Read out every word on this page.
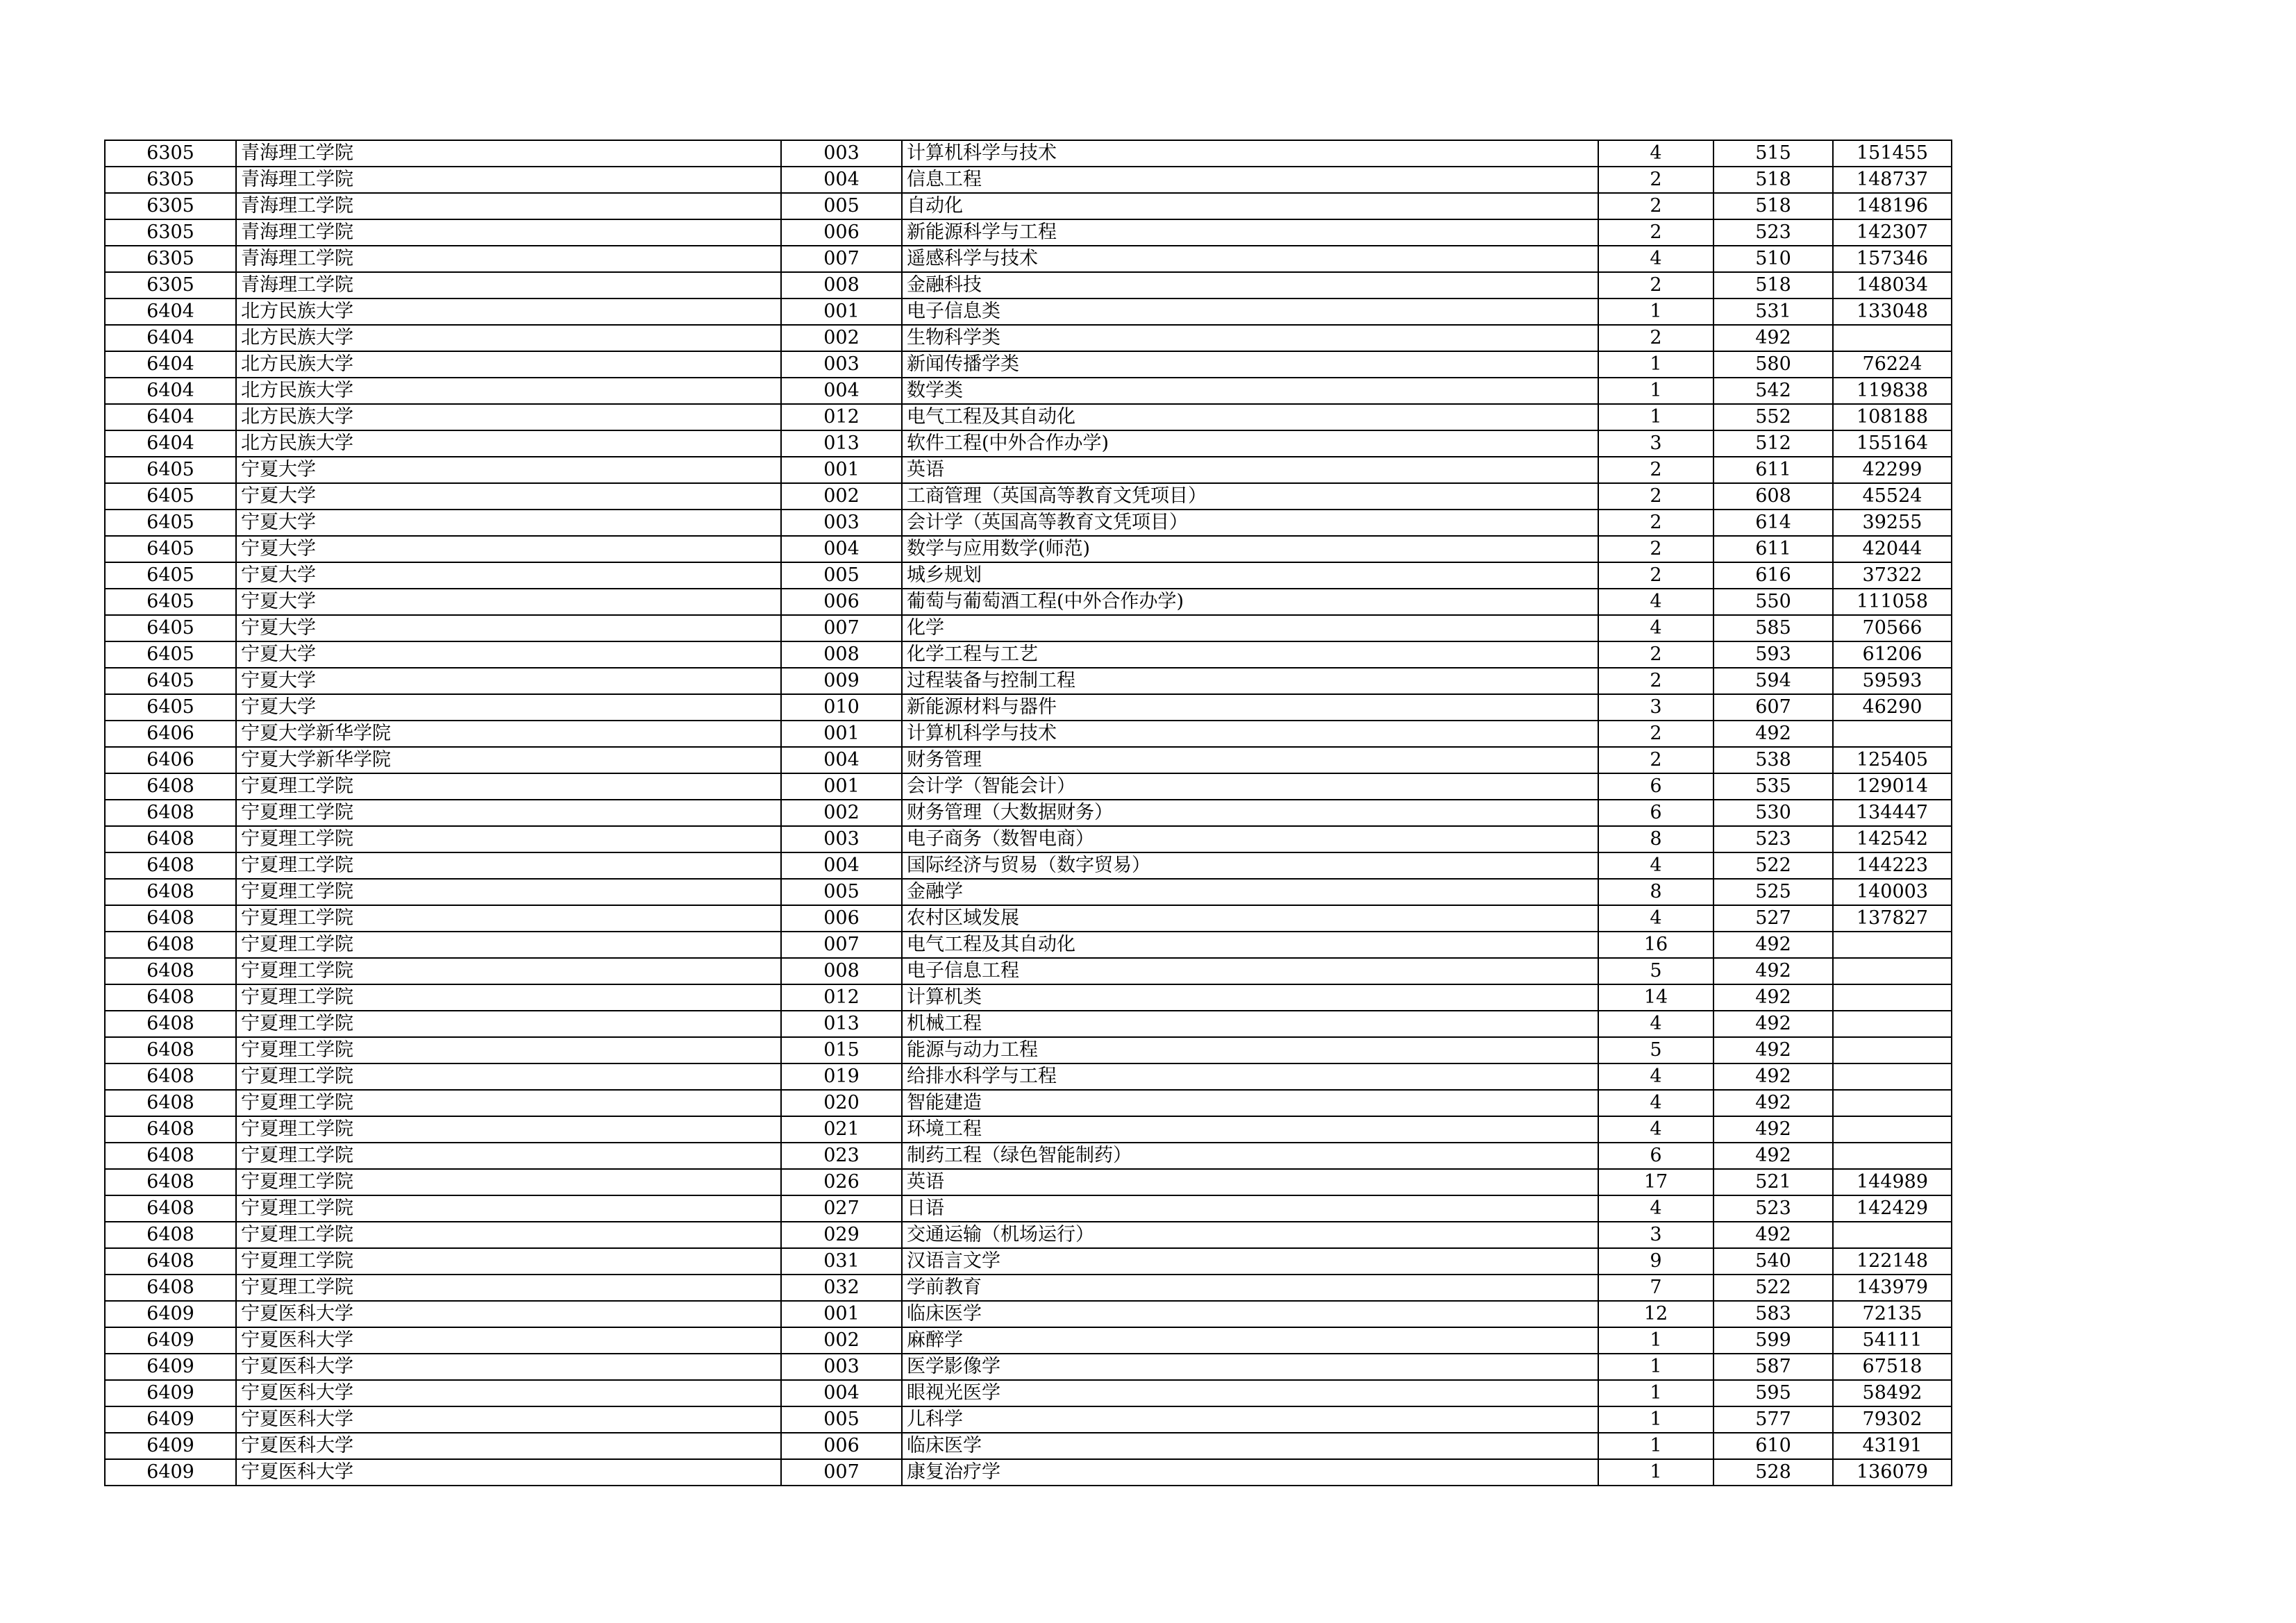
6305	青海理工学院	003	计算机科学与技术	4	515	151455
6305	青海理工学院	004	信息工程	2	518	148737
6305	青海理工学院	005	自动化	2	518	148196
6305	青海理工学院	006	新能源科学与工程	2	523	142307
6305	青海理工学院	007	遥感科学与技术	4	510	157346
6305	青海理工学院	008	金融科技	2	518	148034
6404	北方民族大学	001	电子信息类	1	531	133048
6404	北方民族大学	002	生物科学类	2	492	
6404	北方民族大学	003	新闻传播学类	1	580	76224
6404	北方民族大学	004	数学类	1	542	119838
6404	北方民族大学	012	电气工程及其自动化	1	552	108188
6404	北方民族大学	013	软件工程(中外合作办学)	3	512	155164
6405	宁夏大学	001	英语	2	611	42299
6405	宁夏大学	002	工商管理（英国高等教育文凭项目）	2	608	45524
6405	宁夏大学	003	会计学（英国高等教育文凭项目）	2	614	39255
6405	宁夏大学	004	数学与应用数学(师范)	2	611	42044
6405	宁夏大学	005	城乡规划	2	616	37322
6405	宁夏大学	006	葡萄与葡萄酒工程(中外合作办学)	4	550	111058
6405	宁夏大学	007	化学	4	585	70566
6405	宁夏大学	008	化学工程与工艺	2	593	61206
6405	宁夏大学	009	过程装备与控制工程	2	594	59593
6405	宁夏大学	010	新能源材料与器件	3	607	46290
6406	宁夏大学新华学院	001	计算机科学与技术	2	492	
6406	宁夏大学新华学院	004	财务管理	2	538	125405
6408	宁夏理工学院	001	会计学（智能会计）	6	535	129014
6408	宁夏理工学院	002	财务管理（大数据财务）	6	530	134447
6408	宁夏理工学院	003	电子商务（数智电商）	8	523	142542
6408	宁夏理工学院	004	国际经济与贸易（数字贸易）	4	522	144223
6408	宁夏理工学院	005	金融学	8	525	140003
6408	宁夏理工学院	006	农村区域发展	4	527	137827
6408	宁夏理工学院	007	电气工程及其自动化	16	492	
6408	宁夏理工学院	008	电子信息工程	5	492	
6408	宁夏理工学院	012	计算机类	14	492	
6408	宁夏理工学院	013	机械工程	4	492	
6408	宁夏理工学院	015	能源与动力工程	5	492	
6408	宁夏理工学院	019	给排水科学与工程	4	492	
6408	宁夏理工学院	020	智能建造	4	492	
6408	宁夏理工学院	021	环境工程	4	492	
6408	宁夏理工学院	023	制药工程（绿色智能制药）	6	492	
6408	宁夏理工学院	026	英语	17	521	144989
6408	宁夏理工学院	027	日语	4	523	142429
6408	宁夏理工学院	029	交通运输（机场运行）	3	492	
6408	宁夏理工学院	031	汉语言文学	9	540	122148
6408	宁夏理工学院	032	学前教育	7	522	143979
6409	宁夏医科大学	001	临床医学	12	583	72135
6409	宁夏医科大学	002	麻醉学	1	599	54111
6409	宁夏医科大学	003	医学影像学	1	587	67518
6409	宁夏医科大学	004	眼视光医学	1	595	58492
6409	宁夏医科大学	005	儿科学	1	577	79302
6409	宁夏医科大学	006	临床医学	1	610	43191
6409	宁夏医科大学	007	康复治疗学	1	528	136079
